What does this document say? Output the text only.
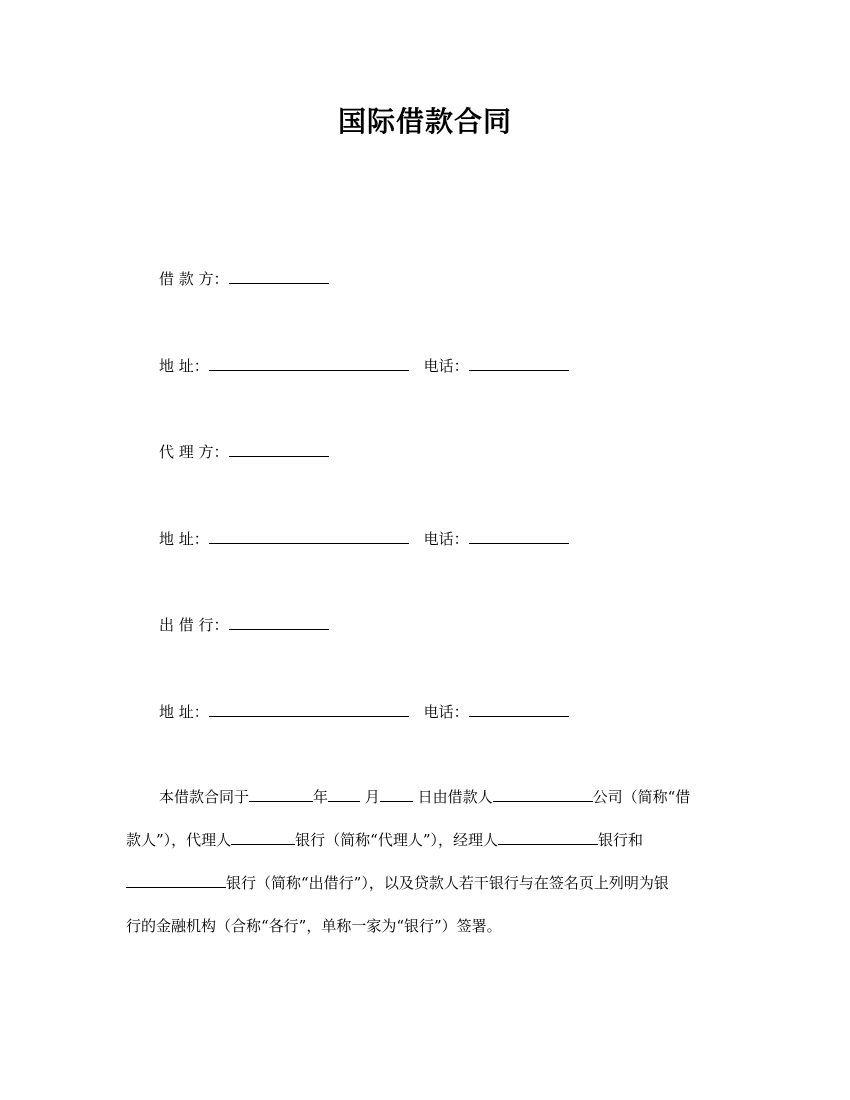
国际借款合同
借 款 方：
地 址：	电话：
代 理 方：
地 址：	电话：
出 借 行：
地 址：	电话：
本借款合同于	年 月	日由借款人	公司（简称“借
款人”），代理人	银行（简称“代理人”），经理人	银行和
银行（简称“出借行”），以及贷款人若干银行与在签名页上列明为银
行的金融机构（合称“各行”，单称一家为“银行”）签署。
